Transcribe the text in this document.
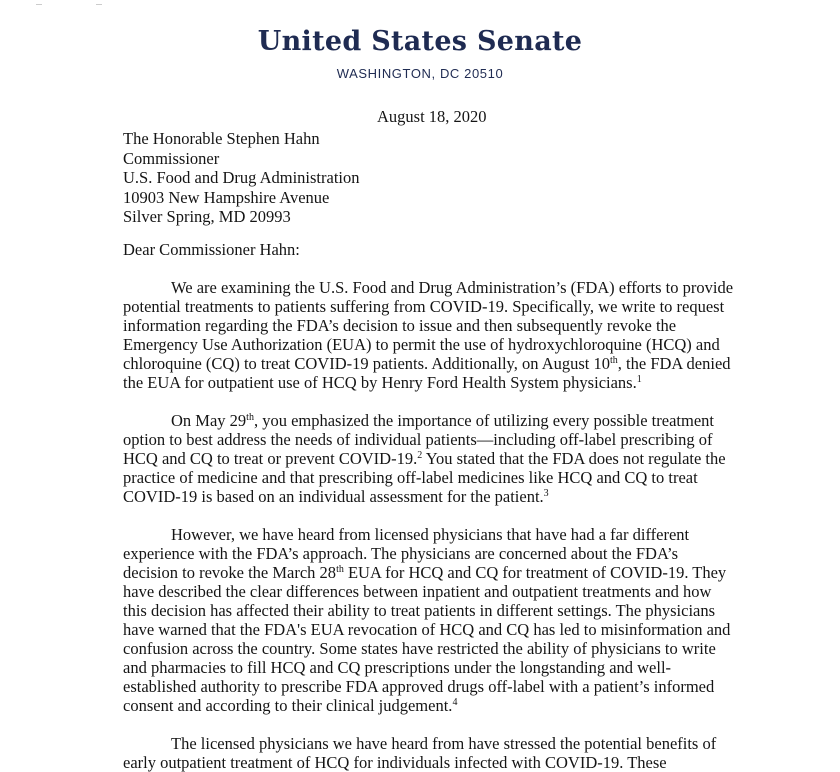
United States Senate
WASHINGTON, DC 20510
August 18, 2020
The Honorable Stephen Hahn
Commissioner
U.S. Food and Drug Administration
10903 New Hampshire Avenue
Silver Spring, MD 20993
Dear Commissioner Hahn:
We are examining the U.S. Food and Drug Administration’s (FDA) efforts to provide
potential treatments to patients suffering from COVID-19. Specifically, we write to request
information regarding the FDA’s decision to issue and then subsequently revoke the
Emergency Use Authorization (EUA) to permit the use of hydroxychloroquine (HCQ) and
chloroquine (CQ) to treat COVID-19 patients. Additionally, on August 10th, the FDA denied
the EUA for outpatient use of HCQ by Henry Ford Health System physicians.$^1$
On May 29th, you emphasized the importance of utilizing every possible treatment
option to best address the needs of individual patients—including off-label prescribing of
HCQ and CQ to treat or prevent COVID-19.$^2$ You stated that the FDA does not regulate the
practice of medicine and that prescribing off-label medicines like HCQ and CQ to treat
COVID-19 is based on an individual assessment for the patient.$^3$
However, we have heard from licensed physicians that have had a far different
experience with the FDA’s approach. The physicians are concerned about the FDA’s
decision to revoke the March 28th EUA for HCQ and CQ for treatment of COVID-19. They
have described the clear differences between inpatient and outpatient treatments and how
this decision has affected their ability to treat patients in different settings. The physicians
have warned that the FDA's EUA revocation of HCQ and CQ has led to misinformation and
confusion across the country. Some states have restricted the ability of physicians to write
and pharmacies to fill HCQ and CQ prescriptions under the longstanding and well-
established authority to prescribe FDA approved drugs off-label with a patient’s informed
consent and according to their clinical judgement.$^4$
The licensed physicians we have heard from have stressed the potential benefits of
early outpatient treatment of HCQ for individuals infected with COVID-19. These
